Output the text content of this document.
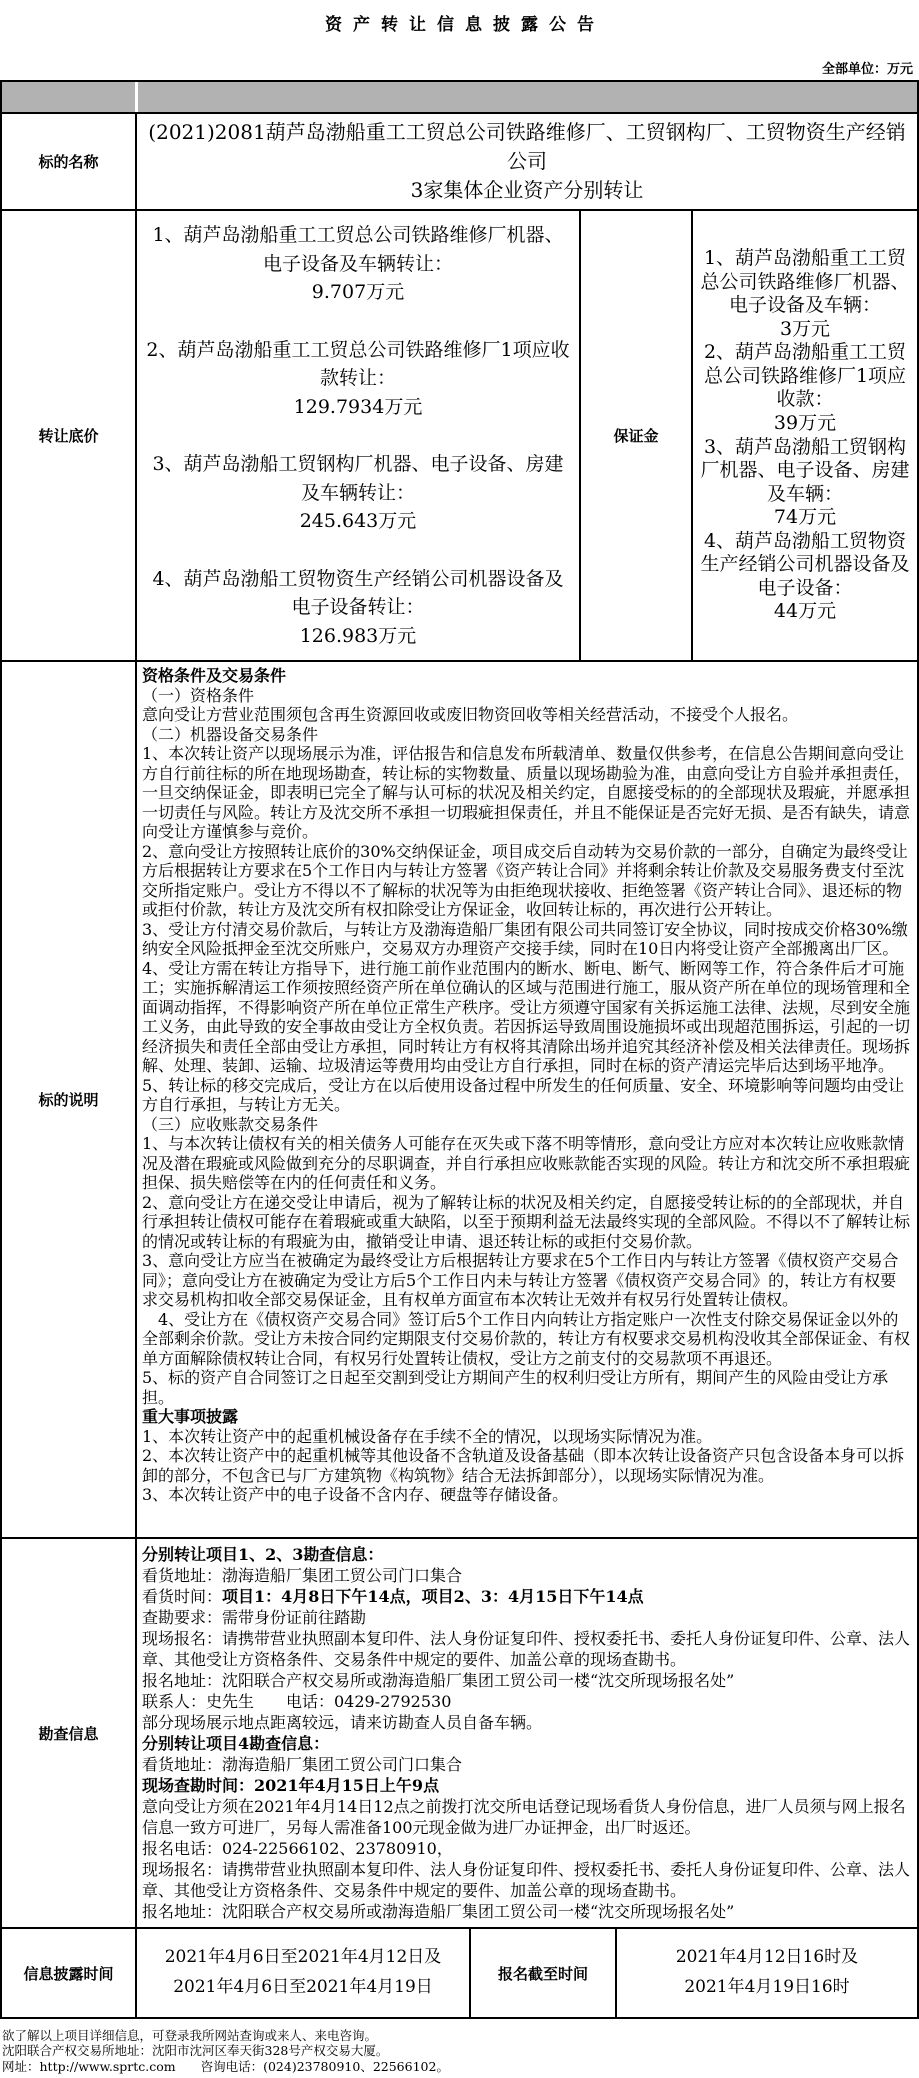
资产转让信息披露公告
全部单位：万元
标的名称
(2021)2081葫芦岛渤船重工工贸总公司铁路维修厂、工贸钢构厂、工贸物资生产经销公司
3家集体企业资产分别转让
转让底价
1、葫芦岛渤船重工工贸总公司铁路维修厂机器、电子设备及车辆转让：
9.707万元
2、葫芦岛渤船重工工贸总公司铁路维修厂1项应收款转让：
129.7934万元
3、葫芦岛渤船工贸钢构厂机器、电子设备、房建及车辆转让：
245.643万元
4、葫芦岛渤船工贸物资生产经销公司机器设备及电子设备转让：
126.983万元
保证金
1、葫芦岛渤船重工工贸总公司铁路维修厂机器、电子设备及车辆：
3万元
2、葫芦岛渤船重工工贸总公司铁路维修厂1项应收款：
39万元
3、葫芦岛渤船工贸钢构厂机器、电子设备、房建及车辆：
74万元
4、葫芦岛渤船工贸物资生产经销公司机器设备及电子设备：
44万元
标的说明
资格条件及交易条件
（一）资格条件
意向受让方营业范围须包含再生资源回收或废旧物资回收等相关经营活动，不接受个人报名。
（二）机器设备交易条件
1、本次转让资产以现场展示为准，评估报告和信息发布所载清单、数量仅供参考，在信息公告期间意向受让方自行前往标的所在地现场勘查，转让标的实物数量、质量以现场勘验为准，由意向受让方自验并承担责任，一旦交纳保证金，即表明已完全了解与认可标的状况及相关约定，自愿接受标的的全部现状及瑕疵，并愿承担一切责任与风险。转让方及沈交所不承担一切瑕疵担保责任，并且不能保证是否完好无损、是否有缺失，请意向受让方谨慎参与竞价。
2、意向受让方按照转让底价的30%交纳保证金，项目成交后自动转为交易价款的一部分，自确定为最终受让方后根据转让方要求在5个工作日内与转让方签署《资产转让合同》并将剩余转让价款及交易服务费支付至沈交所指定账户。受让方不得以不了解标的状况等为由拒绝现状接收、拒绝签署《资产转让合同》、退还标的物或拒付价款，转让方及沈交所有权扣除受让方保证金，收回转让标的，再次进行公开转让。
3、受让方付清交易价款后，与转让方及渤海造船厂集团有限公司共同签订安全协议，同时按成交价格30%缴纳安全风险抵押金至沈交所账户，交易双方办理资产交接手续，同时在10日内将受让资产全部搬离出厂区。
4、受让方需在转让方指导下，进行施工前作业范围内的断水、断电、断气、断网等工作，符合条件后才可施工；实施拆解清运工作须按照经资产所在单位确认的区域与范围进行施工，服从资产所在单位的现场管理和全面调动指挥，不得影响资产所在单位正常生产秩序。受让方须遵守国家有关拆运施工法律、法规，尽到安全施工义务，由此导致的安全事故由受让方全权负责。若因拆运导致周围设施损坏或出现超范围拆运，引起的一切经济损失和责任全部由受让方承担，同时转让方有权将其清除出场并追究其经济补偿及相关法律责任。现场拆解、处理、装卸、运输、垃圾清运等费用均由受让方自行承担，同时在标的资产清运完毕后达到场平地净。
5、转让标的移交完成后，受让方在以后使用设备过程中所发生的任何质量、安全、环境影响等问题均由受让方自行承担，与转让方无关。
（三）应收账款交易条件
1、与本次转让债权有关的相关债务人可能存在灭失或下落不明等情形，意向受让方应对本次转让应收账款情况及潜在瑕疵或风险做到充分的尽职调查，并自行承担应收账款能否实现的风险。转让方和沈交所不承担瑕疵担保、损失赔偿等在内的任何责任和义务。
2、意向受让方在递交受让申请后，视为了解转让标的状况及相关约定，自愿接受转让标的的全部现状，并自行承担转让债权可能存在着瑕疵或重大缺陷，以至于预期利益无法最终实现的全部风险。不得以不了解转让标的情况或转让标的有瑕疵为由，撤销受让申请、退还转让标的或拒付交易价款。
3、意向受让方应当在被确定为最终受让方后根据转让方要求在5个工作日内与转让方签署《债权资产交易合同》；意向受让方在被确定为受让方后5个工作日内未与转让方签署《债权资产交易合同》的，转让方有权要求交易机构扣收全部交易保证金，且有权单方面宣布本次转让无效并有权另行处置转让债权。
　4、受让方在《债权资产交易合同》签订后5个工作日内向转让方指定账户一次性支付除交易保证金以外的全部剩余价款。受让方未按合同约定期限支付交易价款的，转让方有权要求交易机构没收其全部保证金、有权单方面解除债权转让合同，有权另行处置转让债权，受让方之前支付的交易款项不再退还。
5、标的资产自合同签订之日起至交割到受让方期间产生的权利归受让方所有，期间产生的风险由受让方承担。
重大事项披露
1、本次转让资产中的起重机械设备存在手续不全的情况，以现场实际情况为准。
2、本次转让资产中的起重机械等其他设备不含轨道及设备基础（即本次转让设备资产只包含设备本身可以拆卸的部分，不包含已与厂方建筑物《构筑物》结合无法拆卸部分），以现场实际情况为准。
3、本次转让资产中的电子设备不含内存、硬盘等存储设备。
勘查信息
分别转让项目1、2、3勘查信息：
看货地址：渤海造船厂集团工贸公司门口集合
看货时间：项目1：4月8日下午14点，项目2、3：4月15日下午14点
查勘要求：需带身份证前往踏勘
现场报名：请携带营业执照副本复印件、法人身份证复印件、授权委托书、委托人身份证复印件、公章、法人章、其他受让方资格条件、交易条件中规定的要件、加盖公章的现场查勘书。
报名地址：沈阳联合产权交易所或渤海造船厂集团工贸公司一楼“沈交所现场报名处”
联系人：史先生　　电话：0429-2792530
部分现场展示地点距离较远，请来访勘查人员自备车辆。
分别转让项目4勘查信息：
看货地址：渤海造船厂集团工贸公司门口集合
现场查勘时间：2021年4月15日上午9点
意向受让方须在2021年4月14日12点之前拨打沈交所电话登记现场看货人身份信息，进厂人员须与网上报名信息一致方可进厂，另每人需准备100元现金做为进厂办证押金，出厂时返还。
报名电话：024-22566102、23780910，
现场报名：请携带营业执照副本复印件、法人身份证复印件、授权委托书、委托人身份证复印件、公章、法人章、其他受让方资格条件、交易条件中规定的要件、加盖公章的现场查勘书。
报名地址：沈阳联合产权交易所或渤海造船厂集团工贸公司一楼“沈交所现场报名处”
信息披露时间
2021年4月6日至2021年4月12日及
2021年4月6日至2021年4月19日
报名截至时间
2021年4月12日16时及
2021年4月19日16时
欲了解以上项目详细信息，可登录我所网站查询或来人、来电咨询。
沈阳联合产权交易所地址：沈阳市沈河区奉天街328号产权交易大厦。
网址：http://www.sprtc.com　　咨询电话：(024)23780910、22566102。
